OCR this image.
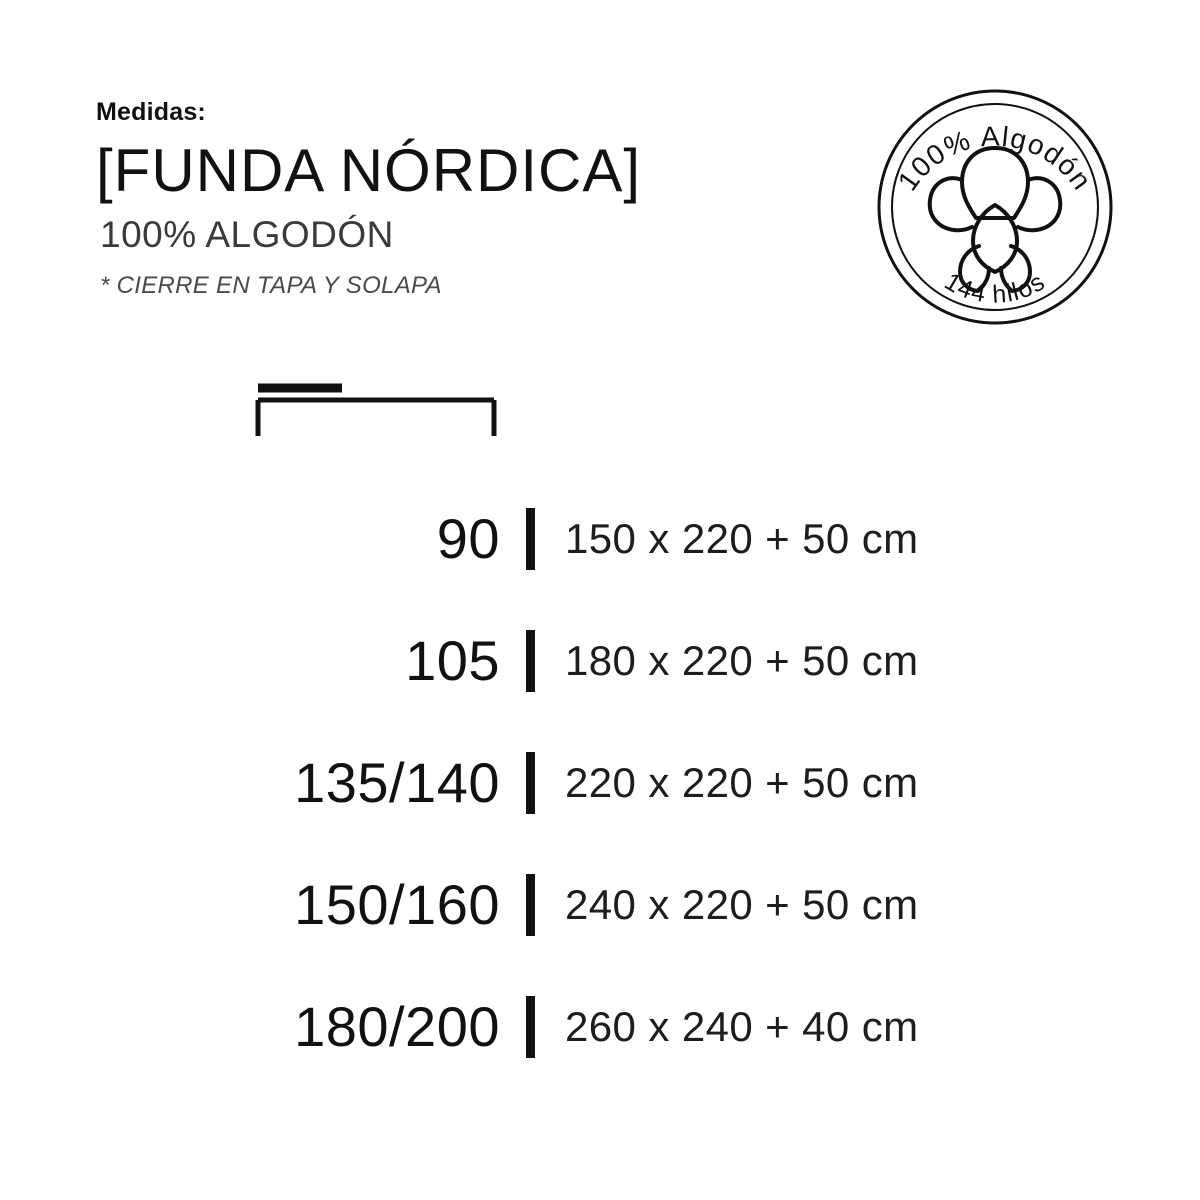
Medidas:
[FUNDA NÓRDICA]
100% ALGODÓN
* CIERRE EN TAPA Y SOLAPA
100% Algodón
144 hilos
90	150 x 220 + 50 cm
105	180 x 220 + 50 cm
135/140	220 x 220 + 50 cm
150/160	240 x 220 + 50 cm
180/200	260 x 240 + 40 cm
